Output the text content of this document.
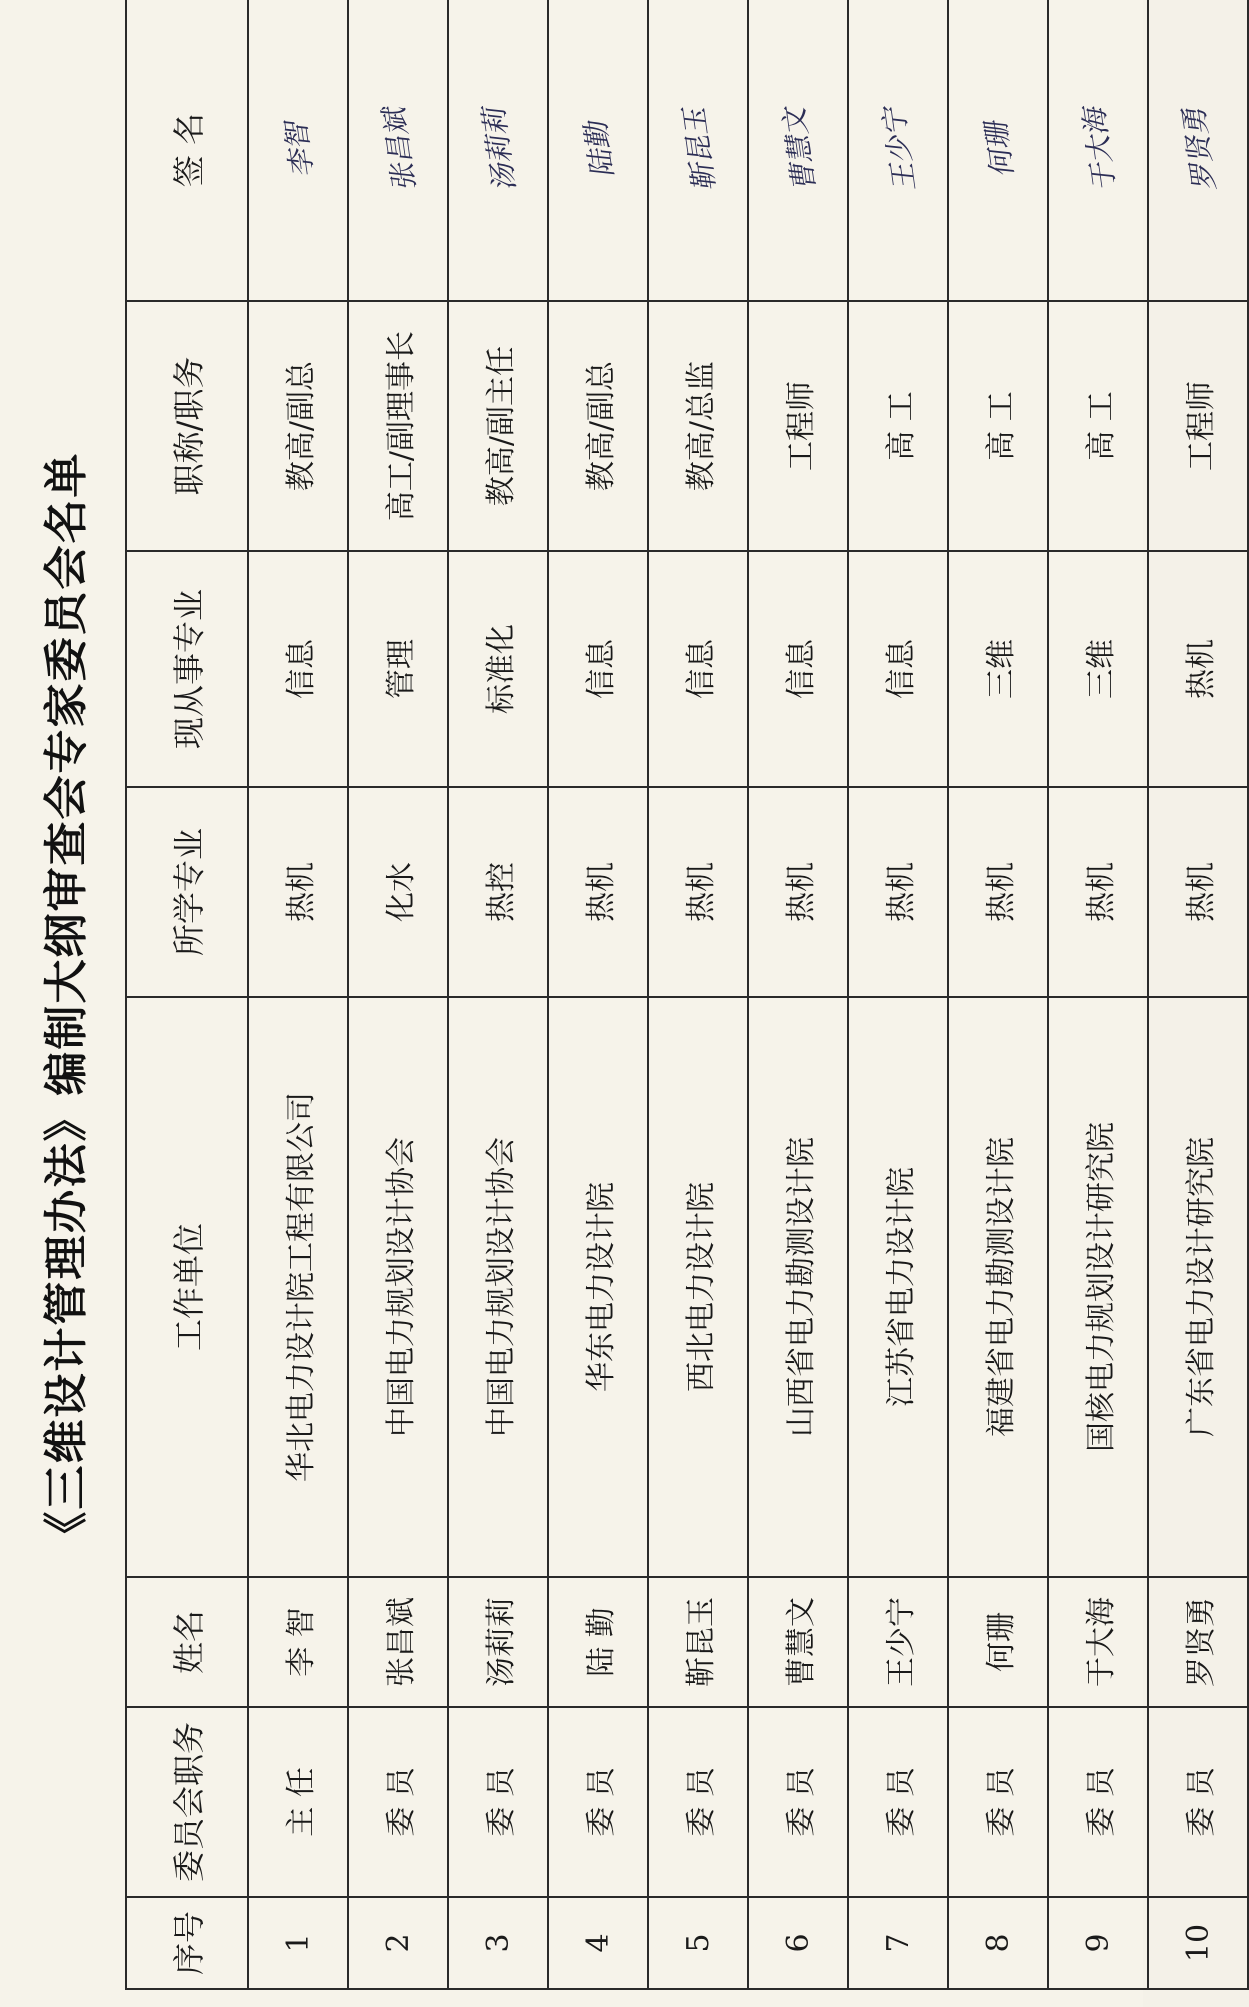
《三维设计管理办法》编制大纲审查会专家委员会名单
序号	委员会职务	姓名	工作单位	所学专业	现从事专业	职称/职务	签 名
1	主 任	李 智	华北电力设计院工程有限公司	热机	信息	教高/副总	李智
2	委 员	张昌斌	中国电力规划设计协会	化水	管理	高工/副理事长	张昌斌
3	委 员	汤莉莉	中国电力规划设计协会	热控	标准化	教高/副主任	汤莉莉
4	委 员	陆 勤	华东电力设计院	热机	信息	教高/副总	陆勤
5	委 员	靳昆玉	西北电力设计院	热机	信息	教高/总监	靳昆玉
6	委 员	曹慧文	山西省电力勘测设计院	热机	信息	工程师	曹慧文
7	委 员	王少宁	江苏省电力设计院	热机	信息	高 工	王少宁
8	委 员	何珊	福建省电力勘测设计院	热机	三维	高 工	何珊
9	委 员	于大海	国核电力规划设计研究院	热机	三维	高 工	于大海
10	委 员	罗贤勇	广东省电力设计研究院	热机	热机	工程师	罗贤勇
